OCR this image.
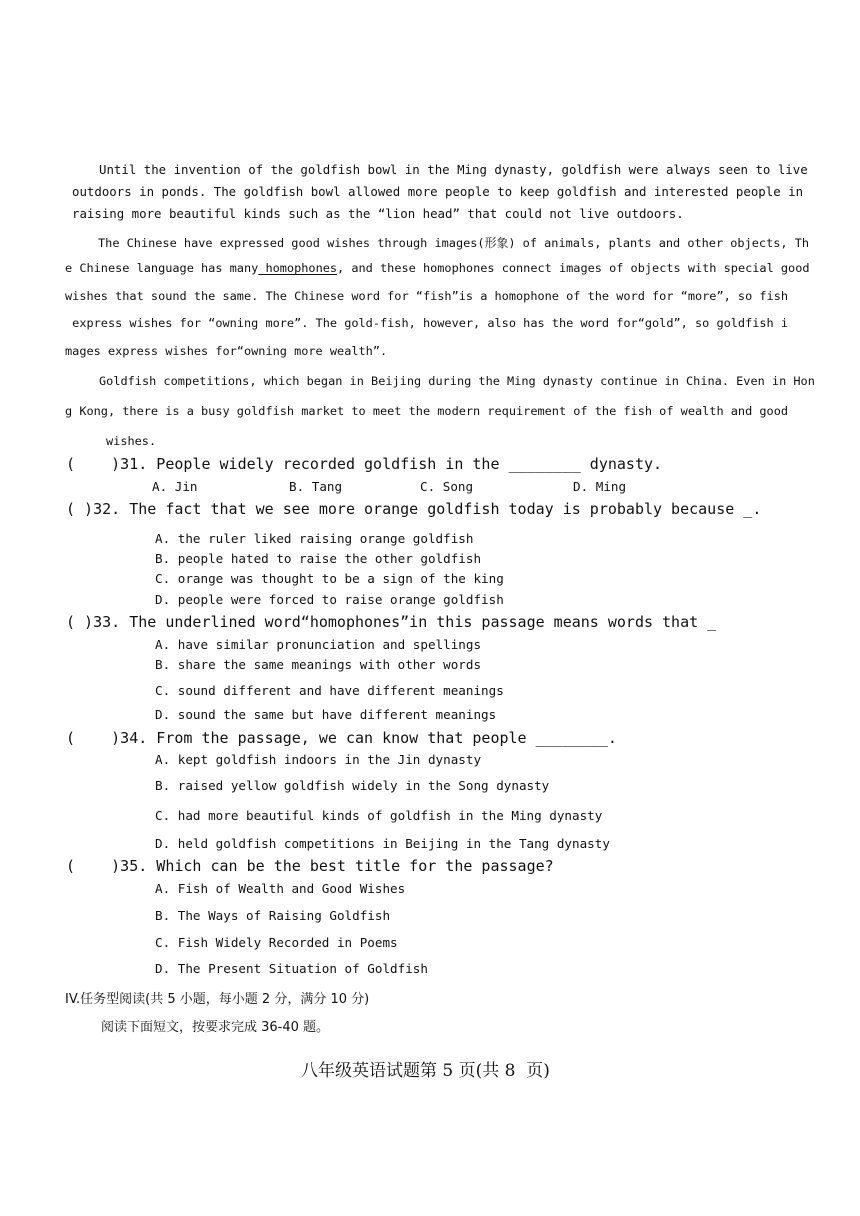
Until the invention of the goldfish bowl in the Ming dynasty, goldfish were always seen to live
outdoors in ponds. The goldfish bowl allowed more people to keep goldfish and interested people in
raising more beautiful kinds such as the “lion head” that could not live outdoors.
The Chinese have expressed good wishes through images(形象) of animals, plants and other objects, Th
e Chinese language has many homophones, and these homophones connect images of objects with special good
wishes that sound the same. The Chinese word for “fish”is a homophone of the word for “more”, so fish
express wishes for “owning more”. The gold-fish, however, also has the word for“gold”, so goldfish i
mages express wishes for“owning more wealth”.
Goldfish competitions, which began in Beijing during the Ming dynasty continue in China. Even in Hon
g Kong, there is a busy goldfish market to meet the modern requirement of the fish of wealth and good
wishes.
(    )31. People widely recorded goldfish in the ________ dynasty.
A. Jin	B. Tang	C. Song	D. Ming
( )32. The fact that we see more orange goldfish today is probably because _.
A. the ruler liked raising orange goldfish
B. people hated to raise the other goldfish
C. orange was thought to be a sign of the king
D. people were forced to raise orange goldfish
( )33. The underlined word“homophones”in this passage means words that _
A. have similar pronunciation and spellings
B. share the same meanings with other words
C. sound different and have different meanings
D. sound the same but have different meanings
(    )34. From the passage, we can know that people ________.
A. kept goldfish indoors in the Jin dynasty
B. raised yellow goldfish widely in the Song dynasty
C. had more beautiful kinds of goldfish in the Ming dynasty
D. held goldfish competitions in Beijing in the Tang dynasty
(    )35. Which can be the best title for the passage?
A. Fish of Wealth and Good Wishes
B. The Ways of Raising Goldfish
C. Fish Widely Recorded in Poems
D. The Present Situation of Goldfish
IV.任务型阅读(共 5 小题，每小题 2 分，满分 10 分)
阅读下面短文，按要求完成 36-40 题。
八年级英语试题第 5 页(共 8  页)
